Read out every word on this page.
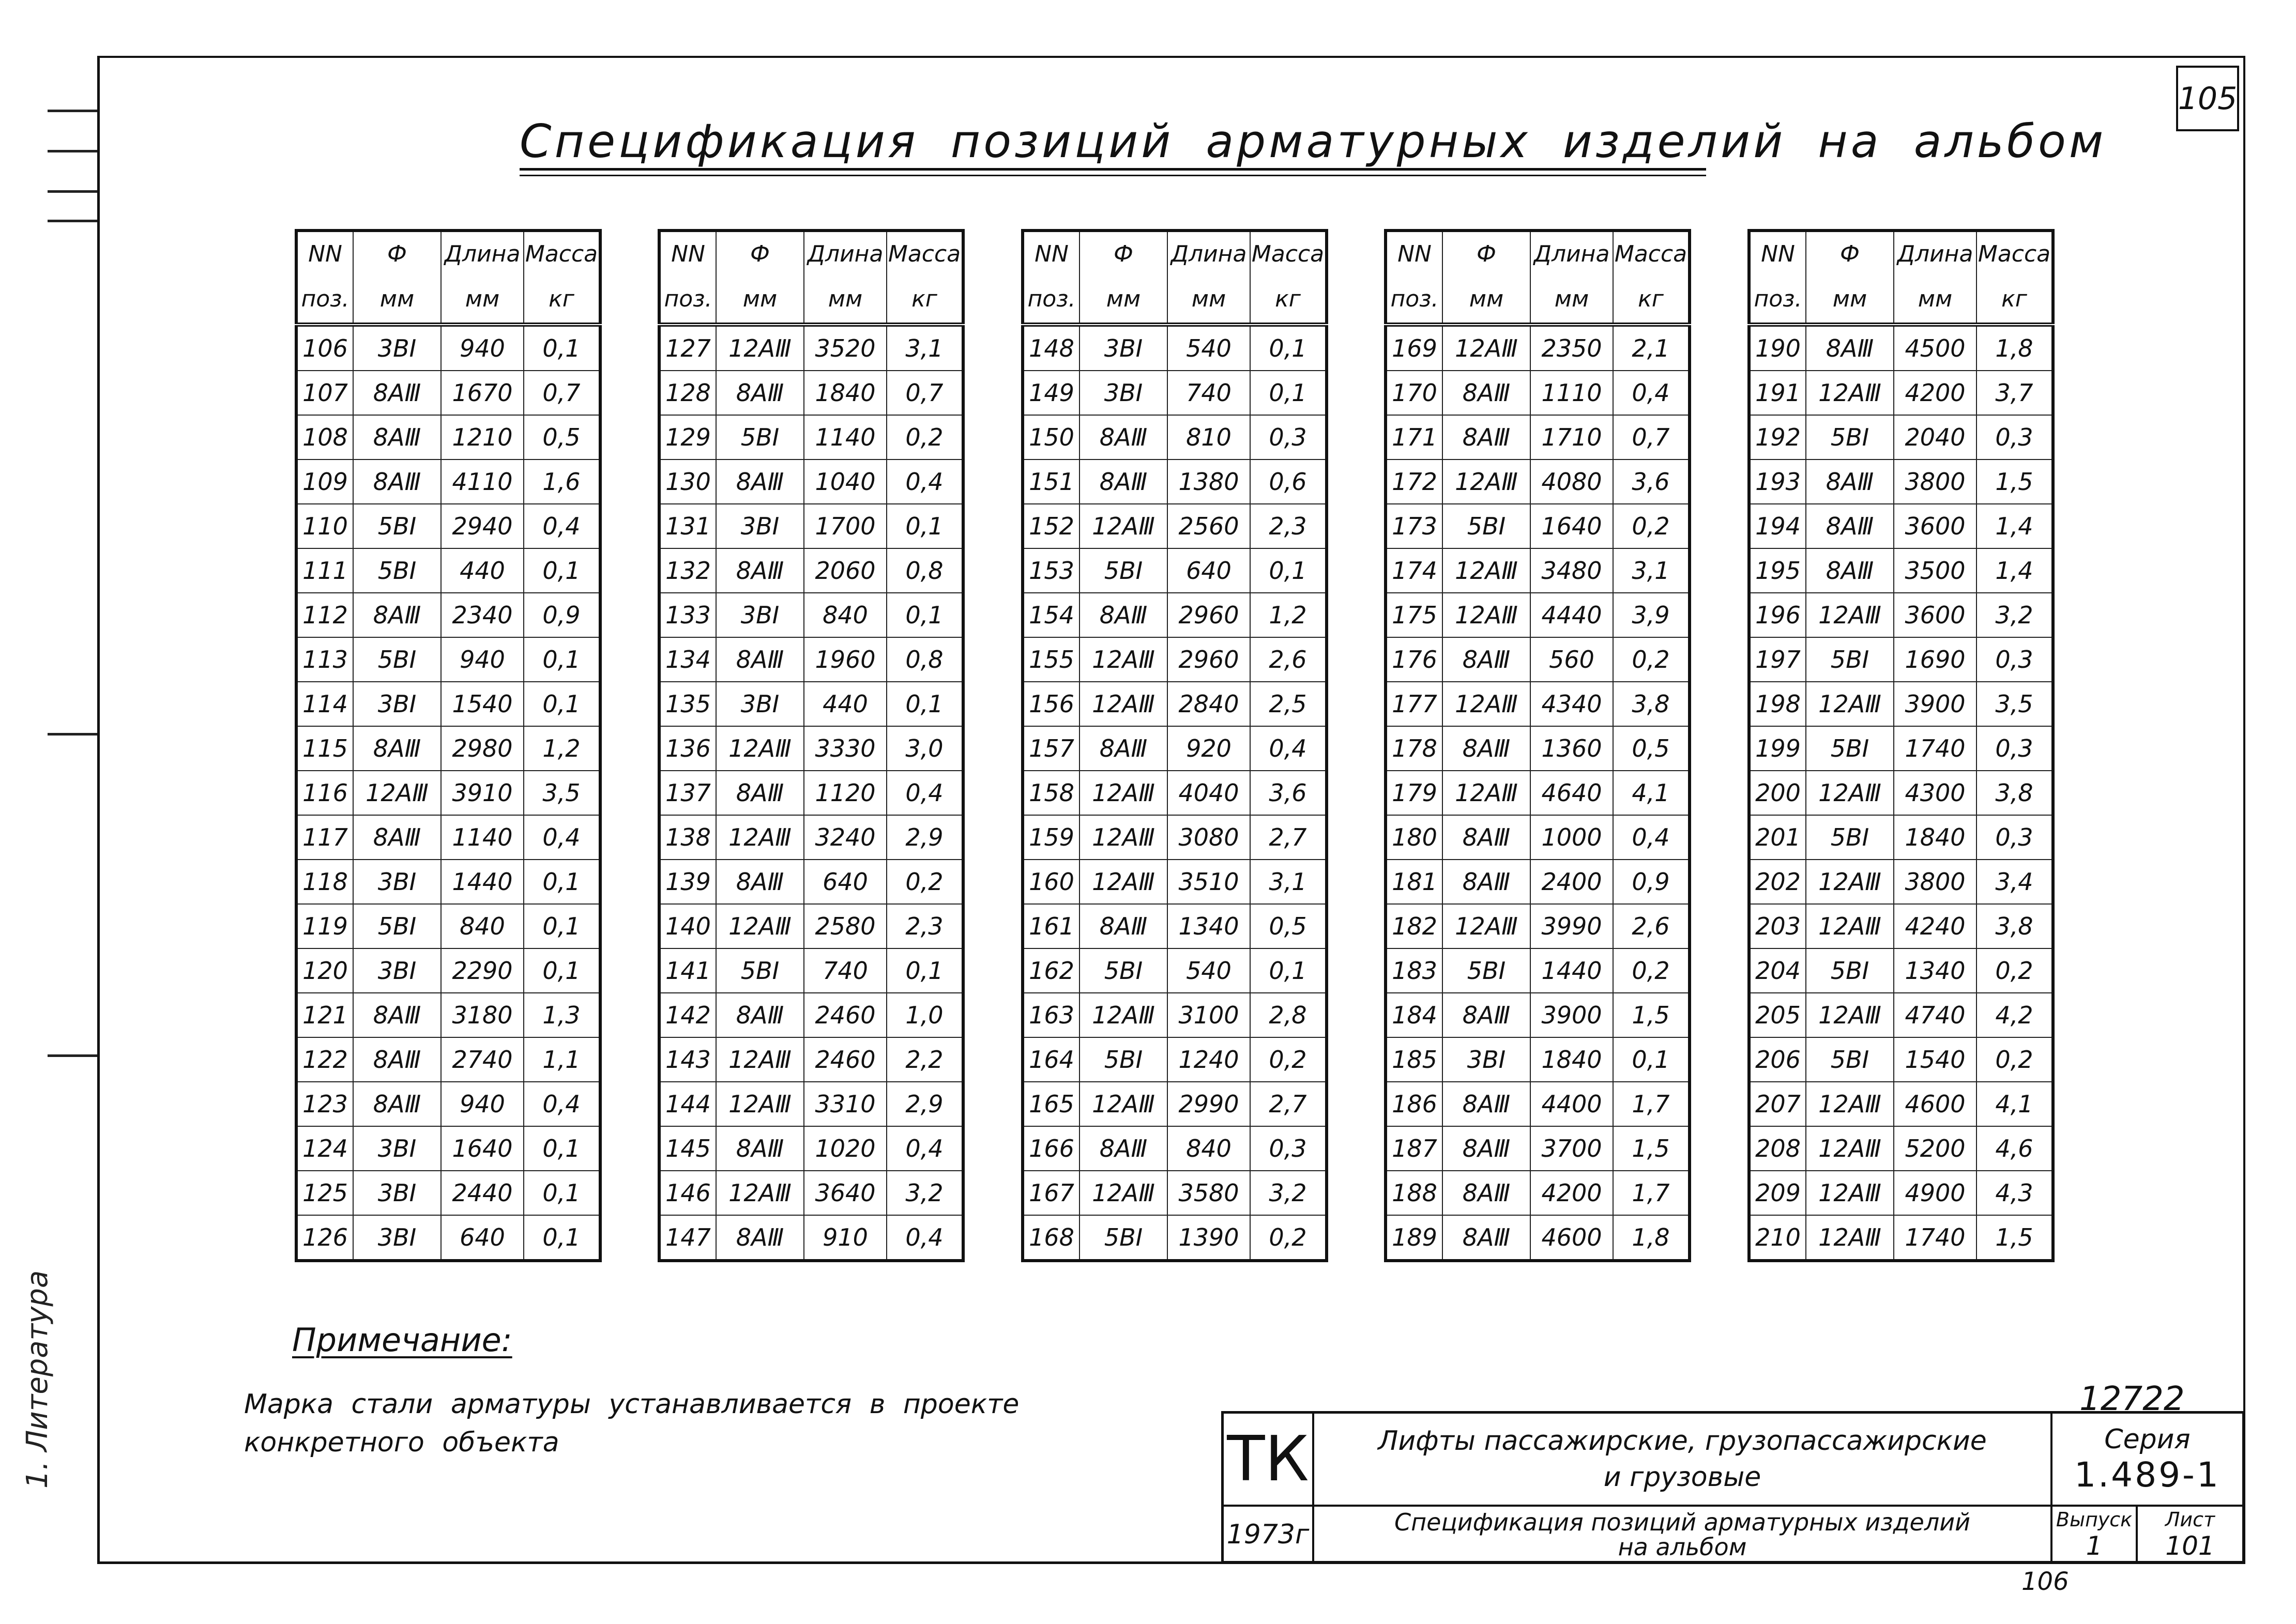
105
Спецификация позиций арматурных изделий на альбом
NN	Ф	Длина	Масса
поз.	мм	мм	кг
106	3ВⅠ	940	0,1
107	8АⅢ	1670	0,7
108	8АⅢ	1210	0,5
109	8АⅢ	4110	1,6
110	5ВⅠ	2940	0,4
111	5ВⅠ	440	0,1
112	8АⅢ	2340	0,9
113	5ВⅠ	940	0,1
114	3ВⅠ	1540	0,1
115	8АⅢ	2980	1,2
116	12АⅢ	3910	3,5
117	8АⅢ	1140	0,4
118	3ВⅠ	1440	0,1
119	5ВⅠ	840	0,1
120	3ВⅠ	2290	0,1
121	8АⅢ	3180	1,3
122	8АⅢ	2740	1,1
123	8АⅢ	940	0,4
124	3ВⅠ	1640	0,1
125	3ВⅠ	2440	0,1
126	3ВⅠ	640	0,1
NN	Ф	Длина	Масса
поз.	мм	мм	кг
127	12АⅢ	3520	3,1
128	8АⅢ	1840	0,7
129	5ВⅠ	1140	0,2
130	8АⅢ	1040	0,4
131	3ВⅠ	1700	0,1
132	8АⅢ	2060	0,8
133	3ВⅠ	840	0,1
134	8АⅢ	1960	0,8
135	3ВⅠ	440	0,1
136	12АⅢ	3330	3,0
137	8АⅢ	1120	0,4
138	12АⅢ	3240	2,9
139	8АⅢ	640	0,2
140	12АⅢ	2580	2,3
141	5ВⅠ	740	0,1
142	8АⅢ	2460	1,0
143	12АⅢ	2460	2,2
144	12АⅢ	3310	2,9
145	8АⅢ	1020	0,4
146	12АⅢ	3640	3,2
147	8АⅢ	910	0,4
NN	Ф	Длина	Масса
поз.	мм	мм	кг
148	3ВⅠ	540	0,1
149	3ВⅠ	740	0,1
150	8АⅢ	810	0,3
151	8АⅢ	1380	0,6
152	12АⅢ	2560	2,3
153	5ВⅠ	640	0,1
154	8АⅢ	2960	1,2
155	12АⅢ	2960	2,6
156	12АⅢ	2840	2,5
157	8АⅢ	920	0,4
158	12АⅢ	4040	3,6
159	12АⅢ	3080	2,7
160	12АⅢ	3510	3,1
161	8АⅢ	1340	0,5
162	5ВⅠ	540	0,1
163	12АⅢ	3100	2,8
164	5ВⅠ	1240	0,2
165	12АⅢ	2990	2,7
166	8АⅢ	840	0,3
167	12АⅢ	3580	3,2
168	5ВⅠ	1390	0,2
NN	Ф	Длина	Масса
поз.	мм	мм	кг
169	12АⅢ	2350	2,1
170	8АⅢ	1110	0,4
171	8АⅢ	1710	0,7
172	12АⅢ	4080	3,6
173	5ВⅠ	1640	0,2
174	12АⅢ	3480	3,1
175	12АⅢ	4440	3,9
176	8АⅢ	560	0,2
177	12АⅢ	4340	3,8
178	8АⅢ	1360	0,5
179	12АⅢ	4640	4,1
180	8АⅢ	1000	0,4
181	8АⅢ	2400	0,9
182	12АⅢ	3990	2,6
183	5ВⅠ	1440	0,2
184	8АⅢ	3900	1,5
185	3ВⅠ	1840	0,1
186	8АⅢ	4400	1,7
187	8АⅢ	3700	1,5
188	8АⅢ	4200	1,7
189	8АⅢ	4600	1,8
NN	Ф	Длина	Масса
поз.	мм	мм	кг
190	8АⅢ	4500	1,8
191	12АⅢ	4200	3,7
192	5ВⅠ	2040	0,3
193	8АⅢ	3800	1,5
194	8АⅢ	3600	1,4
195	8АⅢ	3500	1,4
196	12АⅢ	3600	3,2
197	5ВⅠ	1690	0,3
198	12АⅢ	3900	3,5
199	5ВⅠ	1740	0,3
200	12АⅢ	4300	3,8
201	5ВⅠ	1840	0,3
202	12АⅢ	3800	3,4
203	12АⅢ	4240	3,8
204	5ВⅠ	1340	0,2
205	12АⅢ	4740	4,2
206	5ВⅠ	1540	0,2
207	12АⅢ	4600	4,1
208	12АⅢ	5200	4,6
209	12АⅢ	4900	4,3
210	12АⅢ	1740	1,5
Примечание:
Марка стали арматуры устанавливается в проекте конкретного объекта
12722
ТК
1973г
Лифты пассажирские, грузопассажирские
и грузовые
Спецификация позиций арматурных изделий
на альбом
Серия
1.489-1
Выпуск
1
Лист
101
106
1. Литература
